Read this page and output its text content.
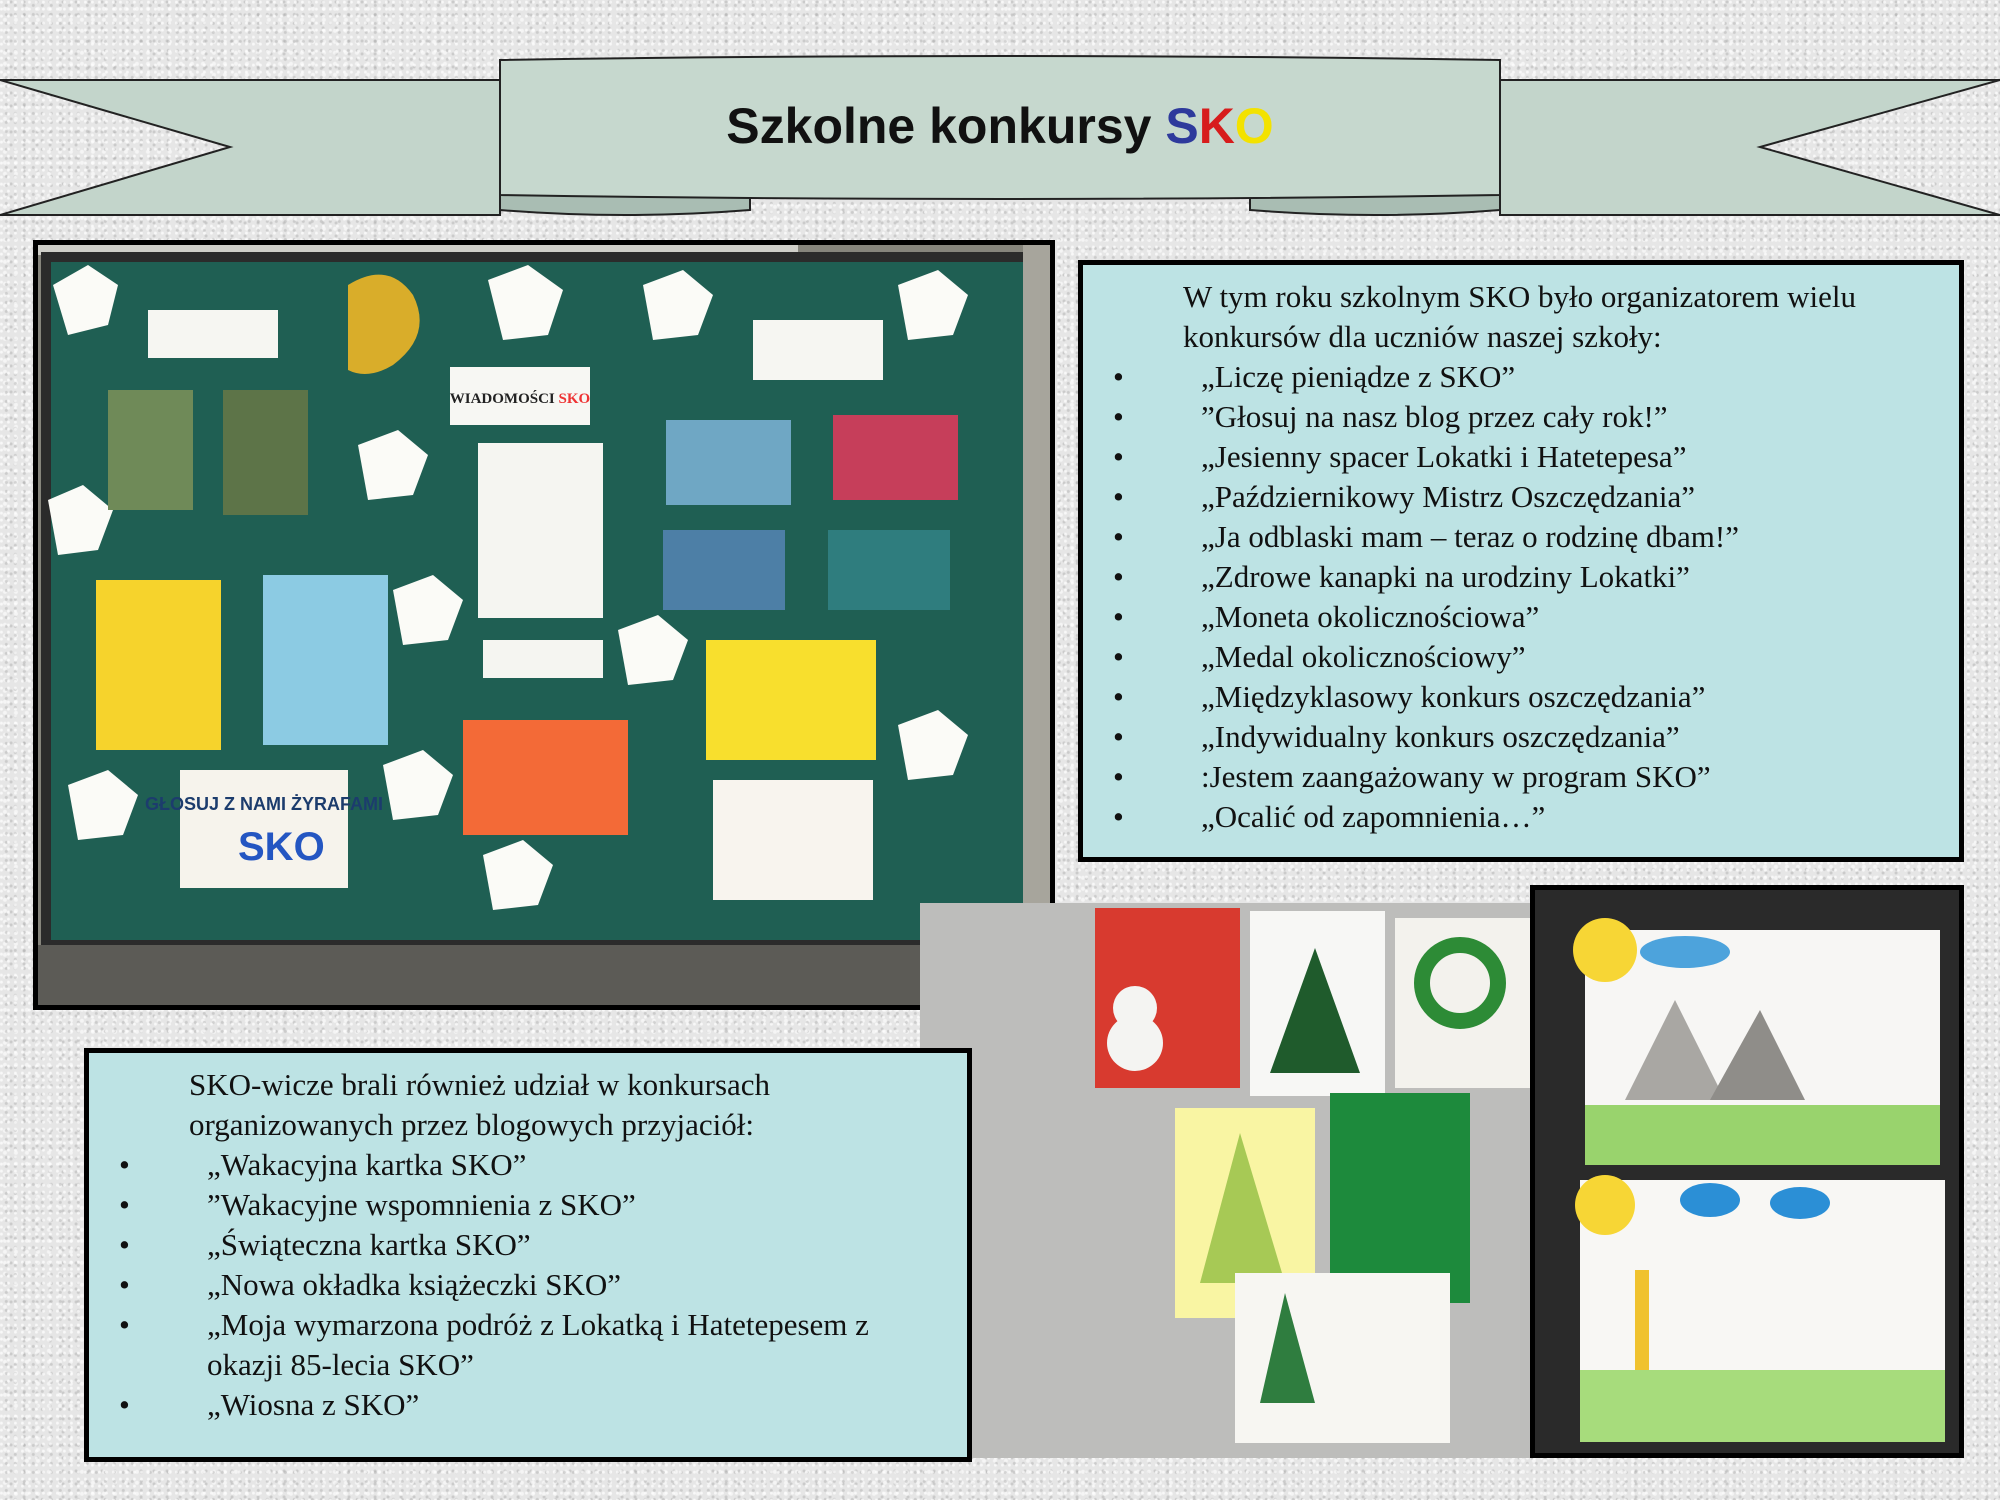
Szkolne konkursy SKO
WIADOMOŚCI SKO
GŁOSUJ Z NAMI ŻYRAFAMI
SKO

W tym roku szkolnym SKO było organizatorem wielu
konkursów dla uczniów naszej szkoły:

• „Liczę pieniądze z SKO”
• ”Głosuj na nasz blog przez cały rok!”
• „Jesienny spacer Lokatki i Hatetepesa”
• „Październikowy Mistrz Oszczędzania”
• „Ja odblaski mam – teraz o rodzinę dbam!”
• „Zdrowe kanapki na urodziny Lokatki”
• „Moneta okolicznościowa”
• „Medal okolicznościowy”
• „Międzyklasowy konkurs oszczędzania”
• „Indywidualny konkurs oszczędzania”
• :Jestem zaangażowany w program SKO”
• „Ocalić od zapomnienia…”

SKO-wicze brali również udział w konkursach
organizowanych przez blogowych przyjaciół:

• „Wakacyjna kartka SKO”
• ”Wakacyjne wspomnienia z SKO”
• „Świąteczna kartka SKO”
• „Nowa okładka książeczki SKO”
• „Moja wymarzona podróż z Lokatką i Hatetepesem z okazji 85-lecia SKO”
• „Wiosna z SKO”
